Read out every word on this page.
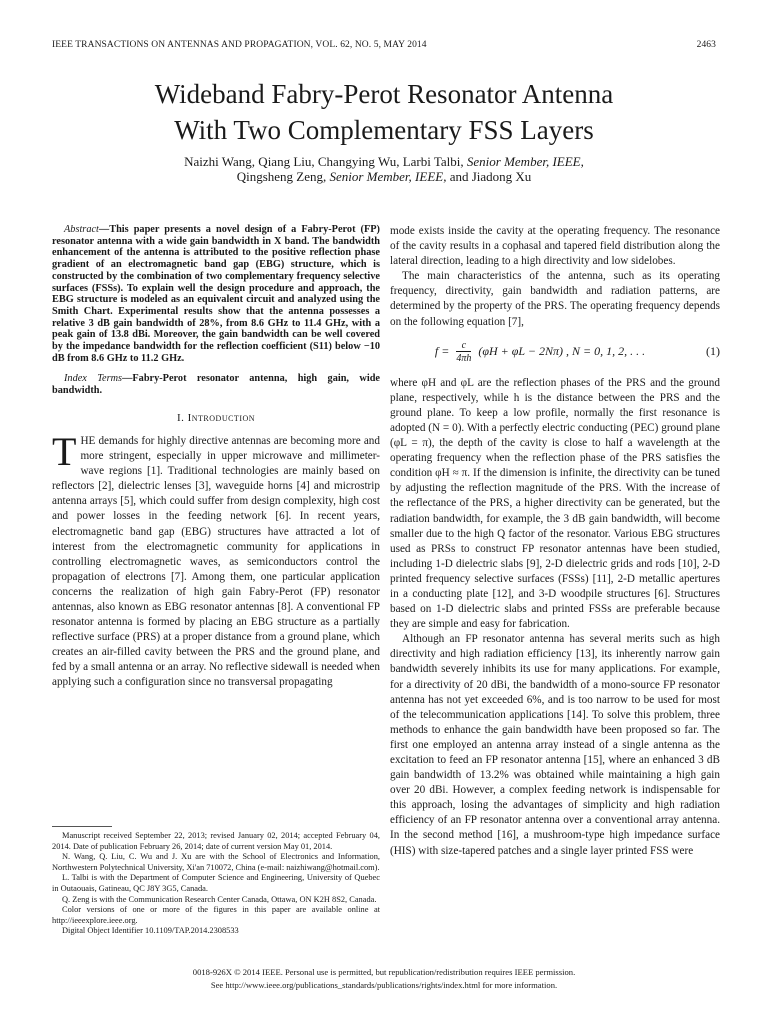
IEEE TRANSACTIONS ON ANTENNAS AND PROPAGATION, VOL. 62, NO. 5, MAY 2014	2463
Wideband Fabry-Perot Resonator Antenna
With Two Complementary FSS Layers
Naizhi Wang, Qiang Liu, Changying Wu, Larbi Talbi, Senior Member, IEEE,
Qingsheng Zeng, Senior Member, IEEE, and Jiadong Xu

Abstract—This paper presents a novel design of a Fabry-Perot (FP) resonator antenna with a wide gain bandwidth in X band. The bandwidth enhancement of the antenna is attributed to the positive reflection phase gradient of an electromagnetic band gap (EBG) structure, which is constructed by the combination of two complementary frequency selective surfaces (FSSs). To explain well the design procedure and approach, the EBG structure is modeled as an equivalent circuit and analyzed using the Smith Chart. Experimental results show that the antenna possesses a relative 3 dB gain bandwidth of 28%, from 8.6 GHz to 11.4 GHz, with a peak gain of 13.8 dBi. Moreover, the gain bandwidth can be well covered by the impedance bandwidth for the reflection coefficient (S11) below −10 dB from 8.6 GHz to 11.2 GHz.

Index Terms—Fabry-Perot resonator antenna, high gain, wide bandwidth.

I. Introduction

THE demands for highly directive antennas are becoming more and more stringent, especially in upper microwave and millimeter-wave regions [1]. Traditional technologies are mainly based on reflectors [2], dielectric lenses [3], waveguide horns [4] and microstrip antenna arrays [5], which could suffer from design complexity, high cost and power losses in the feeding network [6]. In recent years, electromagnetic band gap (EBG) structures have attracted a lot of interest from the electromagnetic community for applications in controlling electromagnetic waves, as semiconductors control the propagation of electrons [7]. Among them, one particular application concerns the realization of high gain Fabry-Perot (FP) resonator antennas, also known as EBG resonator antennas [8]. A conventional FP resonator antenna is formed by placing an EBG structure as a partially reflective surface (PRS) at a proper distance from a ground plane, which creates an air-filled cavity between the PRS and the ground plane, and fed by a small antenna or an array. No reflective sidewall is needed when applying such a configuration since no transversal propagating

Manuscript received September 22, 2013; revised January 02, 2014; accepted February 04, 2014. Date of publication February 26, 2014; date of current version May 01, 2014.

N. Wang, Q. Liu, C. Wu and J. Xu are with the School of Electronics and Information, Northwestern Polytechnical University, Xi'an 710072, China (e-mail: naizhiwang@hotmail.com).

L. Talbi is with the Department of Computer Science and Engineering, University of Quebec in Outaouais, Gatineau, QC J8Y 3G5, Canada.

Q. Zeng is with the Communication Research Center Canada, Ottawa, ON K2H 8S2, Canada.

Color versions of one or more of the figures in this paper are available online at http://ieeexplore.ieee.org.

Digital Object Identifier 10.1109/TAP.2014.2308533

mode exists inside the cavity at the operating frequency. The resonance of the cavity results in a cophasal and tapered field distribution along the lateral direction, leading to a high directivity and low sidelobes.

The main characteristics of the antenna, such as its operating frequency, directivity, gain bandwidth and radiation patterns, are determined by the property of the PRS. The operating frequency depends on the following equation [7],

$f = \frac{c}{4\pi h} (\varphi H + \varphi L - 2N\pi)$ , N = 0, 1, 2, . . .	(1)

where φH and φL are the reflection phases of the PRS and the ground plane, respectively, while h is the distance between the PRS and the ground plane. To keep a low profile, normally the first resonance is adopted (N = 0). With a perfectly electric conducting (PEC) ground plane (φL = π), the depth of the cavity is close to half a wavelength at the operating frequency when the reflection phase of the PRS satisfies the condition φH ≈ π. If the dimension is infinite, the directivity can be tuned by adjusting the reflection magnitude of the PRS. With the increase of the reflectance of the PRS, a higher directivity can be generated, but the radiation bandwidth, for example, the 3 dB gain bandwidth, will become smaller due to the high Q factor of the resonator. Various EBG structures used as PRSs to construct FP resonator antennas have been studied, including 1-D dielectric slabs [9], 2-D dielectric grids and rods [10], 2-D printed frequency selective surfaces (FSSs) [11], 2-D metallic apertures in a conducting plate [12], and 3-D woodpile structures [6]. Structures based on 1-D dielectric slabs and printed FSSs are preferable because they are simple and easy for fabrication.

Although an FP resonator antenna has several merits such as high directivity and high radiation efficiency [13], its inherently narrow gain bandwidth severely inhibits its use for many applications. For example, for a directivity of 20 dBi, the bandwidth of a mono-source FP resonator antenna has not yet exceeded 6%, and is too narrow to be used for most of the telecommunication applications [14]. To solve this problem, three methods to enhance the gain bandwidth have been proposed so far. The first one employed an antenna array instead of a single antenna as the excitation to feed an FP resonator antenna [15], where an enhanced 3 dB gain bandwidth of 13.2% was obtained while maintaining a high gain over 20 dBi. However, a complex feeding network is indispensable for this approach, losing the advantages of simplicity and high radiation efficiency of an FP resonator antenna over a conventional array antenna. In the second method [16], a mushroom-type high impedance surface (HIS) with size-tapered patches and a single layer printed FSS were

0018-926X © 2014 IEEE. Personal use is permitted, but republication/redistribution requires IEEE permission.
See http://www.ieee.org/publications_standards/publications/rights/index.html for more information.
